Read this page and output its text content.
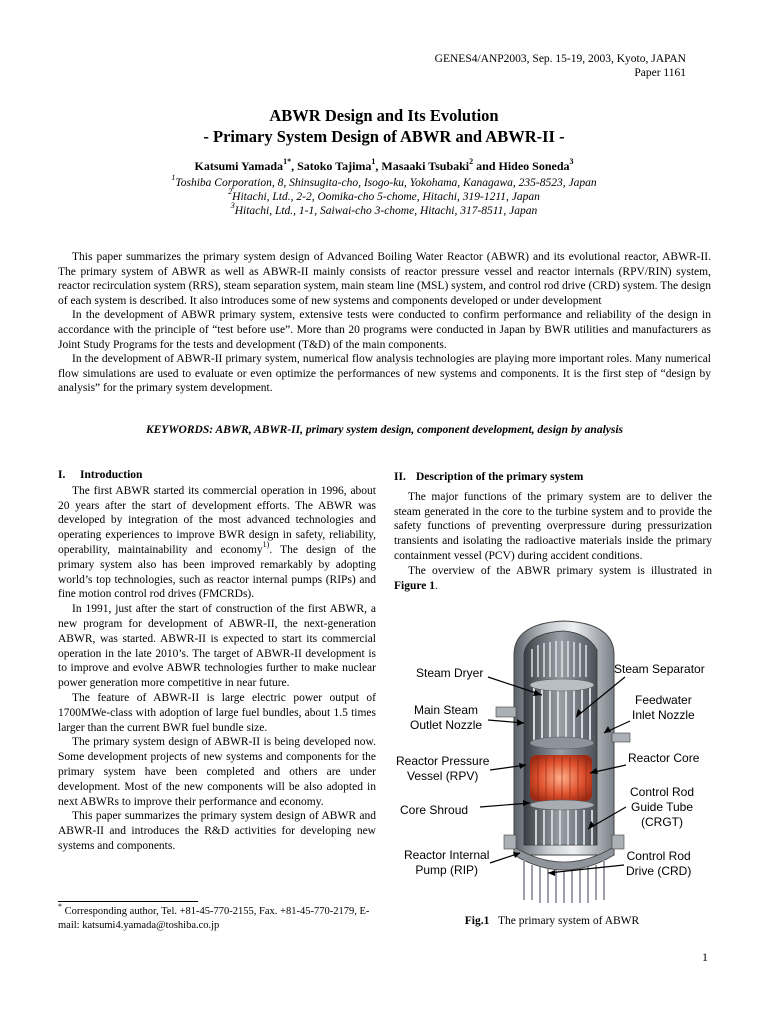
GENES4/ANP2003, Sep. 15-19, 2003, Kyoto, JAPAN
Paper 1161
ABWR Design and Its Evolution
- Primary System Design of ABWR and ABWR-II -
Katsumi Yamada$^{1*}$, Satoko Tajima$^1$, Masaaki Tsubaki$^2$ and Hideo Soneda$^3$
$^1$Toshiba Corporation, 8, Shinsugita-cho, Isogo-ku, Yokohama, Kanagawa, 235-8523, Japan
$^2$Hitachi, Ltd., 2-2, Oomika-cho 5-chome, Hitachi, 319-1211, Japan
$^3$Hitachi, Ltd., 1-1, Saiwai-cho 3-chome, Hitachi, 317-8511, Japan

This paper summarizes the primary system design of Advanced Boiling Water Reactor (ABWR) and its evolutional reactor, ABWR-II. The primary system of ABWR as well as ABWR-II mainly consists of reactor pressure vessel and reactor internals (RPV/RIN) system, reactor recirculation system (RRS), steam separation system, main steam line (MSL) system, and control rod drive (CRD) system. The design of each system is described. It also introduces some of new systems and components developed or under development

In the development of ABWR primary system, extensive tests were conducted to confirm performance and reliability of the design in accordance with the principle of “test before use”. More than 20 programs were conducted in Japan by BWR utilities and manufacturers as Joint Study Programs for the tests and development (T&D) of the main components.

In the development of ABWR-II primary system, numerical flow analysis technologies are playing more important roles. Many numerical flow simulations are used to evaluate or even optimize the performances of new systems and components. It is the first step of “design by analysis” for the primary system development.

KEYWORDS: ABWR, ABWR-II, primary system design, component development, design by analysis
I. Introduction

The first ABWR started its commercial operation in 1996, about 20 years after the start of development efforts. The ABWR was developed by integration of the most advanced technologies and operating experiences to improve BWR design in safety, reliability, operability, maintainability and economy$^{1)}$. The design of the primary system also has been improved remarkably by adopting world’s top technologies, such as reactor internal pumps (RIPs) and fine motion control rod drives (FMCRDs).

In 1991, just after the start of construction of the first ABWR, a new program for development of ABWR-II, the next-generation ABWR, was started. ABWR-II is expected to start its commercial operation in the late 2010’s. The target of ABWR-II development is to improve and evolve ABWR technologies further to make nuclear power generation more competitive in near future.

The feature of ABWR-II is large electric power output of 1700MWe-class with adoption of large fuel bundles, about 1.5 times larger than the current BWR fuel bundle size.

The primary system design of ABWR-II is being developed now. Some development projects of new systems and components for the primary system have been completed and others are under development. Most of the new components will be also adopted in next ABWRs to improve their performance and economy.

This paper summarizes the primary system design of ABWR and ABWR-II and introduces the R&D activities for developing new systems and components.

* Corresponding author, Tel. +81-45-770-2155, Fax. +81-45-770-2179, E-mail: katsumi4.yamada@toshiba.co.jp
II. Description of the primary system

The major functions of the primary system are to deliver the steam generated in the core to the turbine system and to provide the safety functions of preventing overpressure during pressurization transients and isolating the radioactive materials inside the primary containment vessel (PCV) during accident conditions.

The overview of the ABWR primary system is illustrated in Figure 1.

Steam Dryer	Steam Separator
Main Steam
Outlet Nozzle
Feedwater
Inlet Nozzle
Reactor Pressure
Vessel (RPV)
Reactor Core
Core Shroud
Control Rod
Guide Tube
(CRGT)
Reactor Internal
Pump (RIP)
Control Rod
Drive (CRD)
Fig.1 The primary system of ABWR
1
